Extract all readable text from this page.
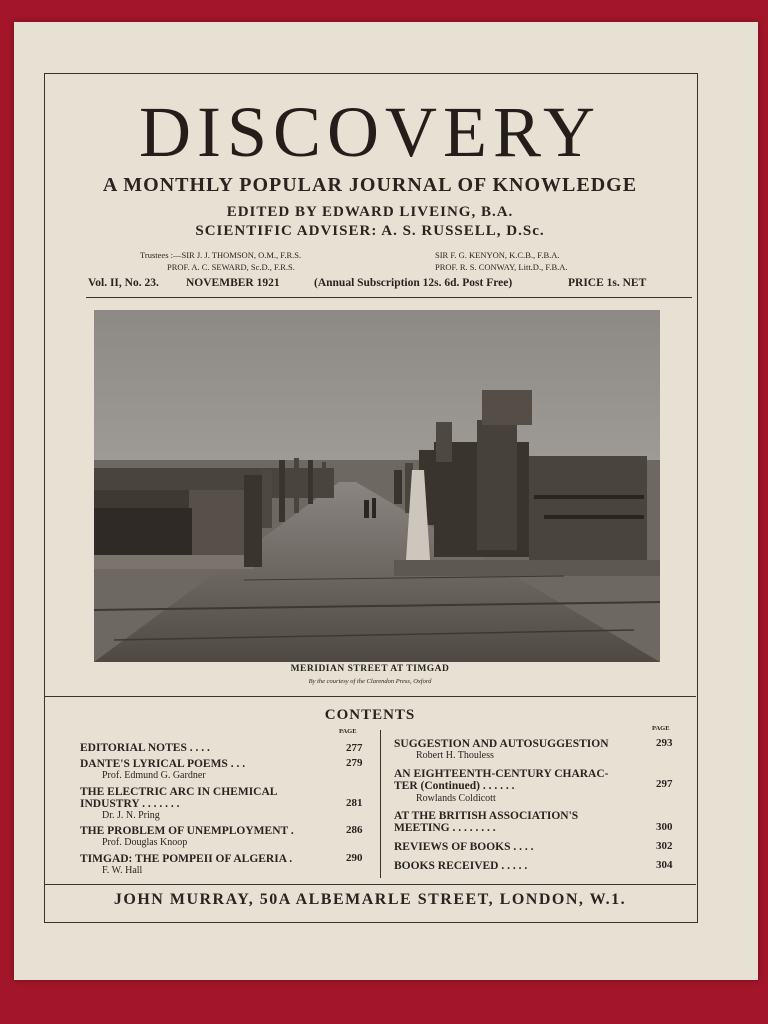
DISCOVERY
A MONTHLY POPULAR JOURNAL OF KNOWLEDGE
EDITED BY EDWARD LIVEING, B.A.
SCIENTIFIC ADVISER: A. S. RUSSELL, D.Sc.
Trustees :—SIR J. J. THOMSON, O.M., F.R.S.
PROF. A. C. SEWARD, Sc.D., F.R.S.
SIR F. G. KENYON, K.C.B., F.B.A.
PROF. R. S. CONWAY, Litt.D., F.B.A.
Vol. II, No. 23. NOVEMBER 1921	(Annual Subscription 12s. 6d. Post Free)	PRICE 1s. NET
MERIDIAN STREET AT TIMGAD
By the courtesy of the Clarendon Press, Oxford
CONTENTS
PAGE	PAGE
EDITORIAL NOTES . . . .	277
DANTE'S LYRICAL POEMS . . .	279
Prof. Edmund G. Gardner
THE ELECTRIC ARC IN CHEMICAL
INDUSTRY . . . . . . .	281
Dr. J. N. Pring
THE PROBLEM OF UNEMPLOYMENT .	286
Prof. Douglas Knoop
TIMGAD: THE POMPEII OF ALGERIA .	290
F. W. Hall
SUGGESTION AND AUTOSUGGESTION	293
Robert H. Thouless
AN EIGHTEENTH-CENTURY CHARAC-
TER (Continued) . . . . . .	297
Rowlands Coldicott
AT THE BRITISH ASSOCIATION'S
MEETING . . . . . . . .	300
REVIEWS OF BOOKS . . . .	302
BOOKS RECEIVED . . . . .	304
JOHN MURRAY, 50A ALBEMARLE STREET, LONDON, W.1.
